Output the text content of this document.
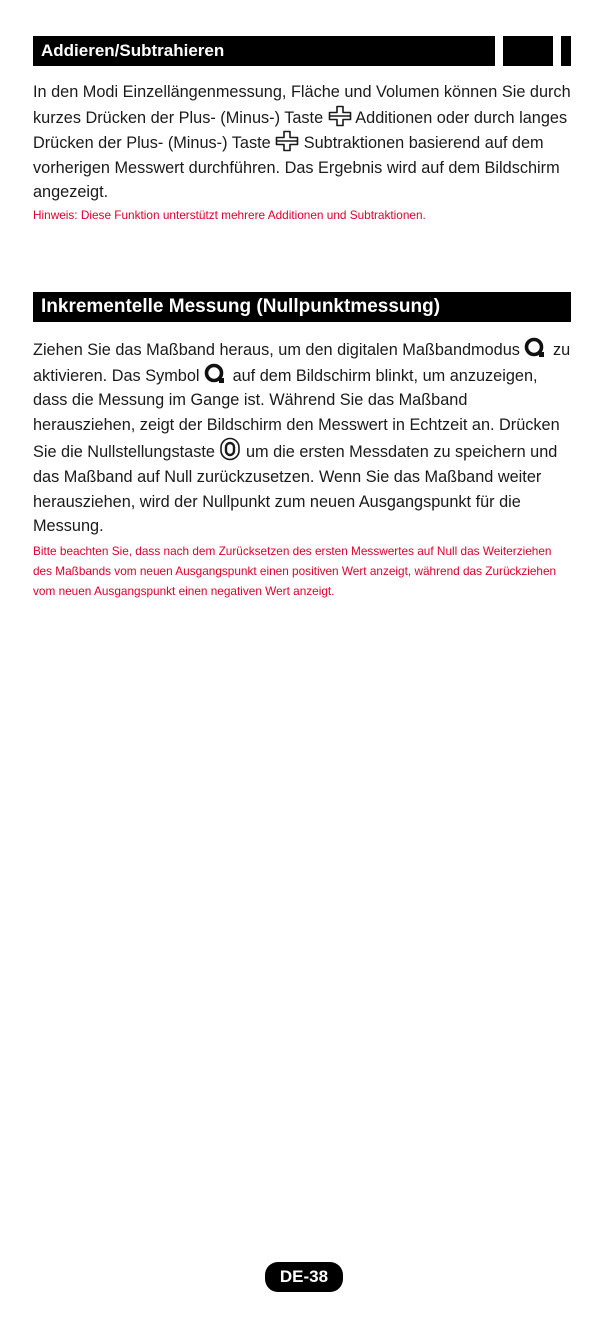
Addieren/Subtrahieren

In den Modi Einzellängenmessung, Fläche und Volumen können Sie durch kurzes Drücken der Plus- (Minus-) Taste Additionen oder durch langes Drücken der Plus- (Minus-) Taste Subtraktionen basierend auf dem vorherigen Messwert durchführen. Das Ergebnis wird auf dem Bildschirm angezeigt.

Hinweis: Diese Funktion unterstützt mehrere Additionen und Subtraktionen.

Inkrementelle Messung (Nullpunktmessung)

Ziehen Sie das Maßband heraus, um den digitalen Maßbandmodus zu aktivieren. Das Symbol auf dem Bildschirm blinkt, um anzuzeigen, dass die Messung im Gange ist. Während Sie das Maßband herausziehen, zeigt der Bildschirm den Messwert in Echtzeit an. Drücken Sie die Nullstellungstaste um die ersten Messdaten zu speichern und das Maßband auf Null zurückzusetzen. Wenn Sie das Maßband weiter herausziehen, wird der Nullpunkt zum neuen Ausgangspunkt für die Messung.

Bitte beachten Sie, dass nach dem Zurücksetzen des ersten Messwertes auf Null das Weiterziehen des Maßbands vom neuen Ausgangspunkt einen positiven Wert anzeigt, während das Zurückziehen vom neuen Ausgangspunkt einen negativen Wert anzeigt.

DE-38
